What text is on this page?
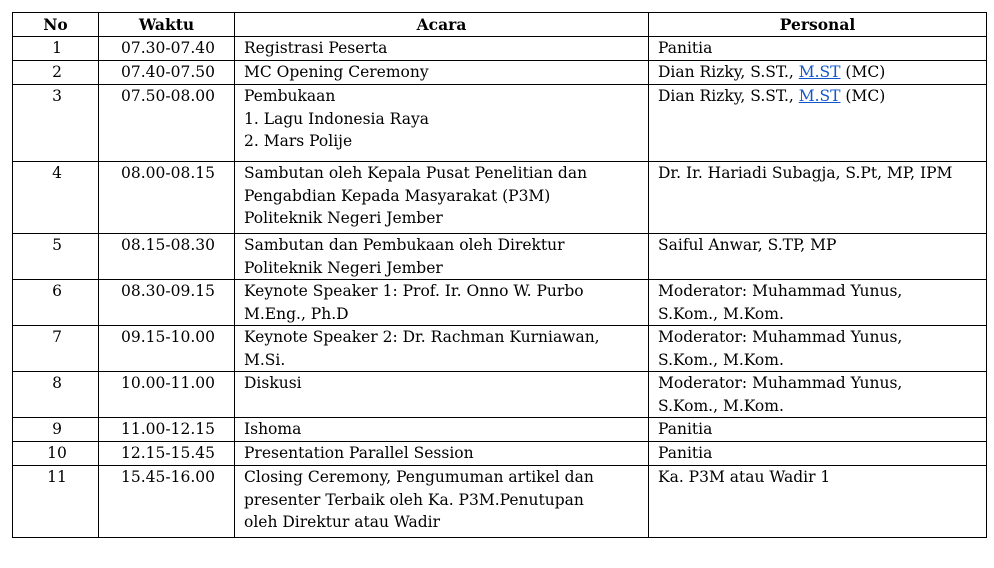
No	Waktu	Acara	Personal
1	07.30-07.40	Registrasi Peserta	Panitia

2	07.40-07.50	MC Opening Ceremony	Dian Rizky, S.ST., M.ST (MC)
3	07.50-08.00	Pembukaan
1. Lagu Indonesia Raya
2. Mars Polije	Dian Rizky, S.ST., M.ST (MC)
4	08.00-08.15	Sambutan oleh Kepala Pusat Penelitian dan
Pengabdian Kepada Masyarakat (P3M)
Politeknik Negeri Jember	Dr. Ir. Hariadi Subagja, S.Pt, MP, IPM

5	08.15-08.30	Sambutan dan Pembukaan oleh Direktur
Politeknik Negeri Jember	Saiful Anwar, S.TP, MP

6	08.30-09.15	Keynote Speaker 1: Prof. Ir. Onno W. Purbo
M.Eng., Ph.D	Moderator: Muhammad Yunus,
S.Kom., M.Kom.

7	09.15-10.00	Keynote Speaker 2: Dr. Rachman Kurniawan,
M.Si.	Moderator: Muhammad Yunus,
S.Kom., M.Kom.

8	10.00-11.00	Diskusi	Moderator: Muhammad Yunus,
S.Kom., M.Kom.

9	11.00-12.15	Ishoma	Panitia

10	12.15-15.45	Presentation Parallel Session	Panitia

11	15.45-16.00	Closing Ceremony, Pengumuman artikel dan
presenter Terbaik oleh Ka. P3M.Penutupan
oleh Direktur atau Wadir	Ka. P3M atau Wadir 1
